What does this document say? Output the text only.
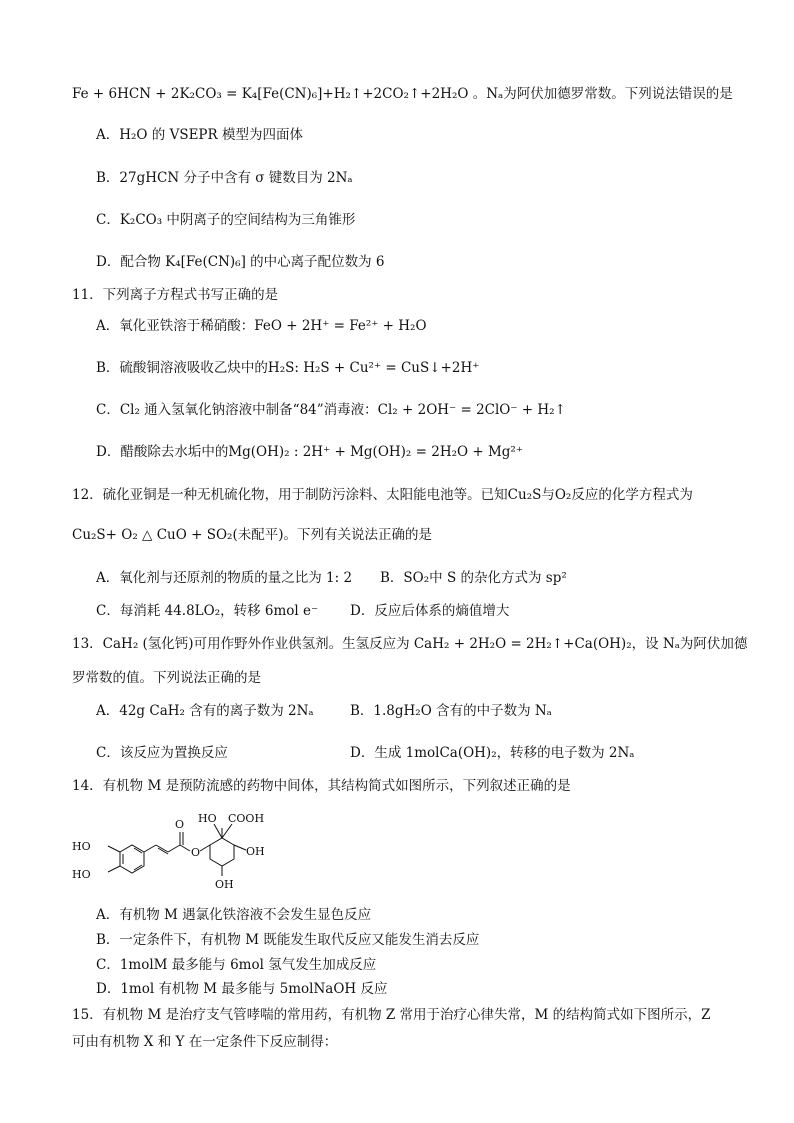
Fe + 6HCN + 2K₂CO₃ = K₄[Fe(CN)₆]+H₂↑+2CO₂↑+2H₂O 。Nₐ为阿伏加德罗常数。下列说法错误的是
A．H₂O 的 VSEPR 模型为四面体
B．27gHCN 分子中含有 σ 键数目为 2Nₐ
C．K₂CO₃ 中阴离子的空间结构为三角锥形
D．配合物 K₄[Fe(CN)₆] 的中心离子配位数为 6
11．下列离子方程式书写正确的是
A．氧化亚铁溶于稀硝酸：FeO + 2H⁺ = Fe²⁺ + H₂O
B．硫酸铜溶液吸收乙炔中的H₂S: H₂S + Cu²⁺ = CuS↓+2H⁺
C．Cl₂ 通入氢氧化钠溶液中制备“84”消毒液：Cl₂ + 2OH⁻ = 2ClO⁻ + H₂↑
D．醋酸除去水垢中的Mg(OH)₂ : 2H⁺ + Mg(OH)₂ = 2H₂O + Mg²⁺
12．硫化亚铜是一种无机硫化物，用于制防污涂料、太阳能电池等。已知Cu₂S与O₂反应的化学方程式为
Cu₂S+ O₂ △ CuO + SO₂(未配平)。下列有关说法正确的是
A．氧化剂与还原剂的物质的量之比为 1: 2 B．SO₂中 S 的杂化方式为 sp²
C．每消耗 44.8LO₂，转移 6mol e⁻ D．反应后体系的熵值增大
13．CaH₂ (氢化钙)可用作野外作业供氢剂。生氢反应为 CaH₂ + 2H₂O = 2H₂↑+Ca(OH)₂，设 Nₐ为阿伏加德
罗常数的值。下列说法正确的是
A．42g CaH₂ 含有的离子数为 2Nₐ	B．1.8gH₂O 含有的中子数为 Nₐ
C．该反应为置换反应	D．生成 1molCa(OH)₂，转移的电子数为 2Nₐ
14．有机物 M 是预防流感的药物中间体，其结构简式如图所示，下列叙述正确的是
HO
HO
O
O
HO COOH
OH
OH
A．有机物 M 遇氯化铁溶液不会发生显色反应
B．一定条件下，有机物 M 既能发生取代反应又能发生消去反应
C．1molM 最多能与 6mol 氢气发生加成反应
D．1mol 有机物 M 最多能与 5molNaOH 反应
15．有机物 M 是治疗支气管哮喘的常用药，有机物 Z 常用于治疗心律失常，M 的结构简式如下图所示，Z
可由有机物 X 和 Y 在一定条件下反应制得：
